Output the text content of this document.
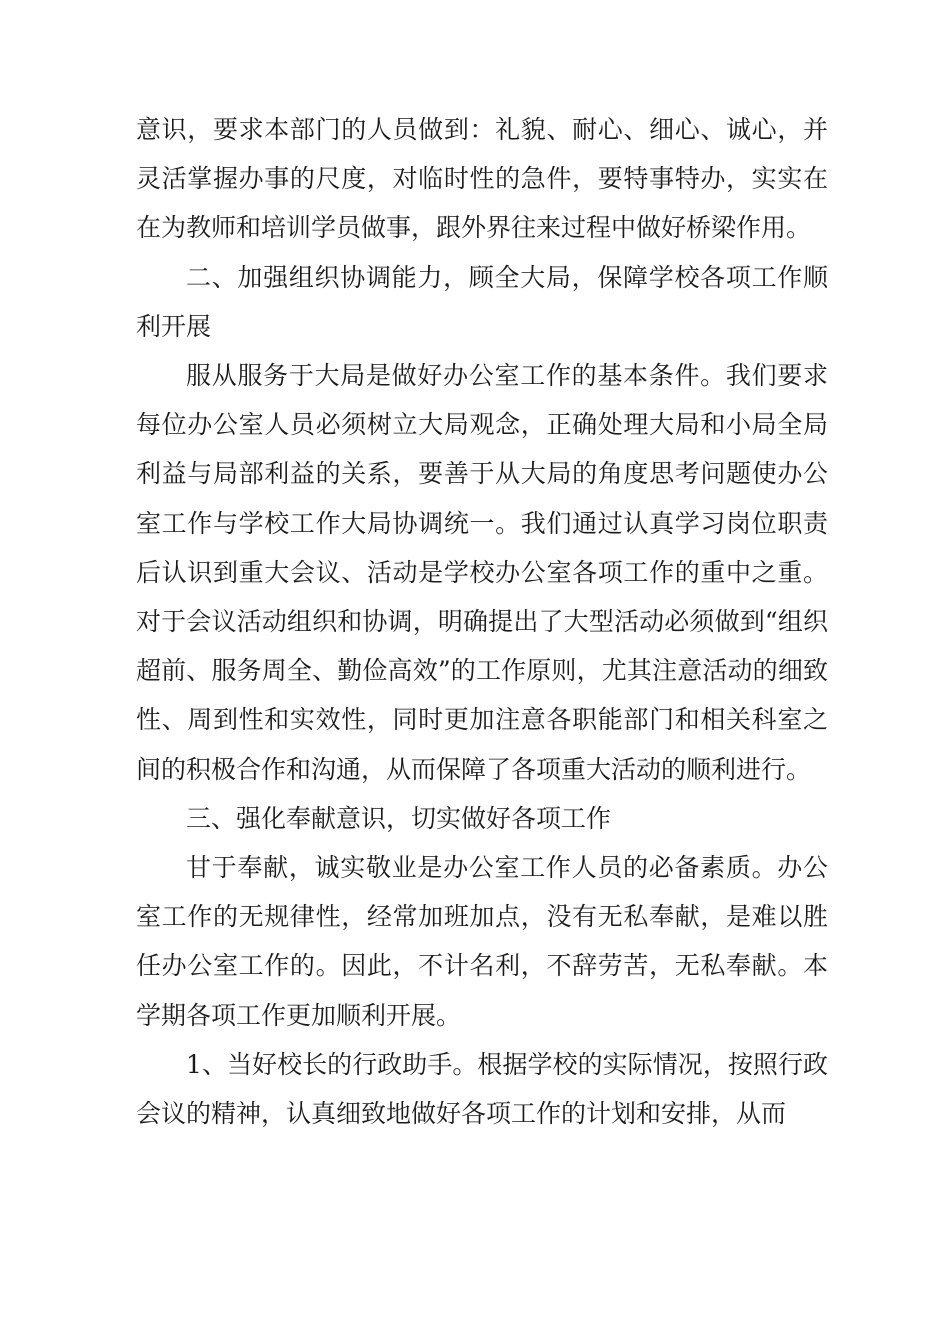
意识，要求本部门的人员做到：礼貌、耐心、细心、诚心，并灵活掌握办事的尺度，对临时性的急件，要特事特办，实实在在为教师和培训学员做事，跟外界往来过程中做好桥梁作用。

二、加强组织协调能力，顾全大局，保障学校各项工作顺利开展

服从服务于大局是做好办公室工作的基本条件。我们要求每位办公室人员必须树立大局观念，正确处理大局和小局全局利益与局部利益的关系，要善于从大局的角度思考问题使办公室工作与学校工作大局协调统一。我们通过认真学习岗位职责后认识到重大会议、活动是学校办公室各项工作的重中之重。对于会议活动组织和协调，明确提出了大型活动必须做到“组织超前、服务周全、勤俭高效”的工作原则，尤其注意活动的细致性、周到性和实效性，同时更加注意各职能部门和相关科室之间的积极合作和沟通，从而保障了各项重大活动的顺利进行。

三、强化奉献意识，切实做好各项工作

甘于奉献，诚实敬业是办公室工作人员的必备素质。办公室工作的无规律性，经常加班加点，没有无私奉献，是难以胜任办公室工作的。因此，不计名利，不辞劳苦，无私奉献。本学期各项工作更加顺利开展。

1、当好校长的行政助手。根据学校的实际情况，按照行政会议的精神，认真细致地做好各项工作的计划和安排，从而
